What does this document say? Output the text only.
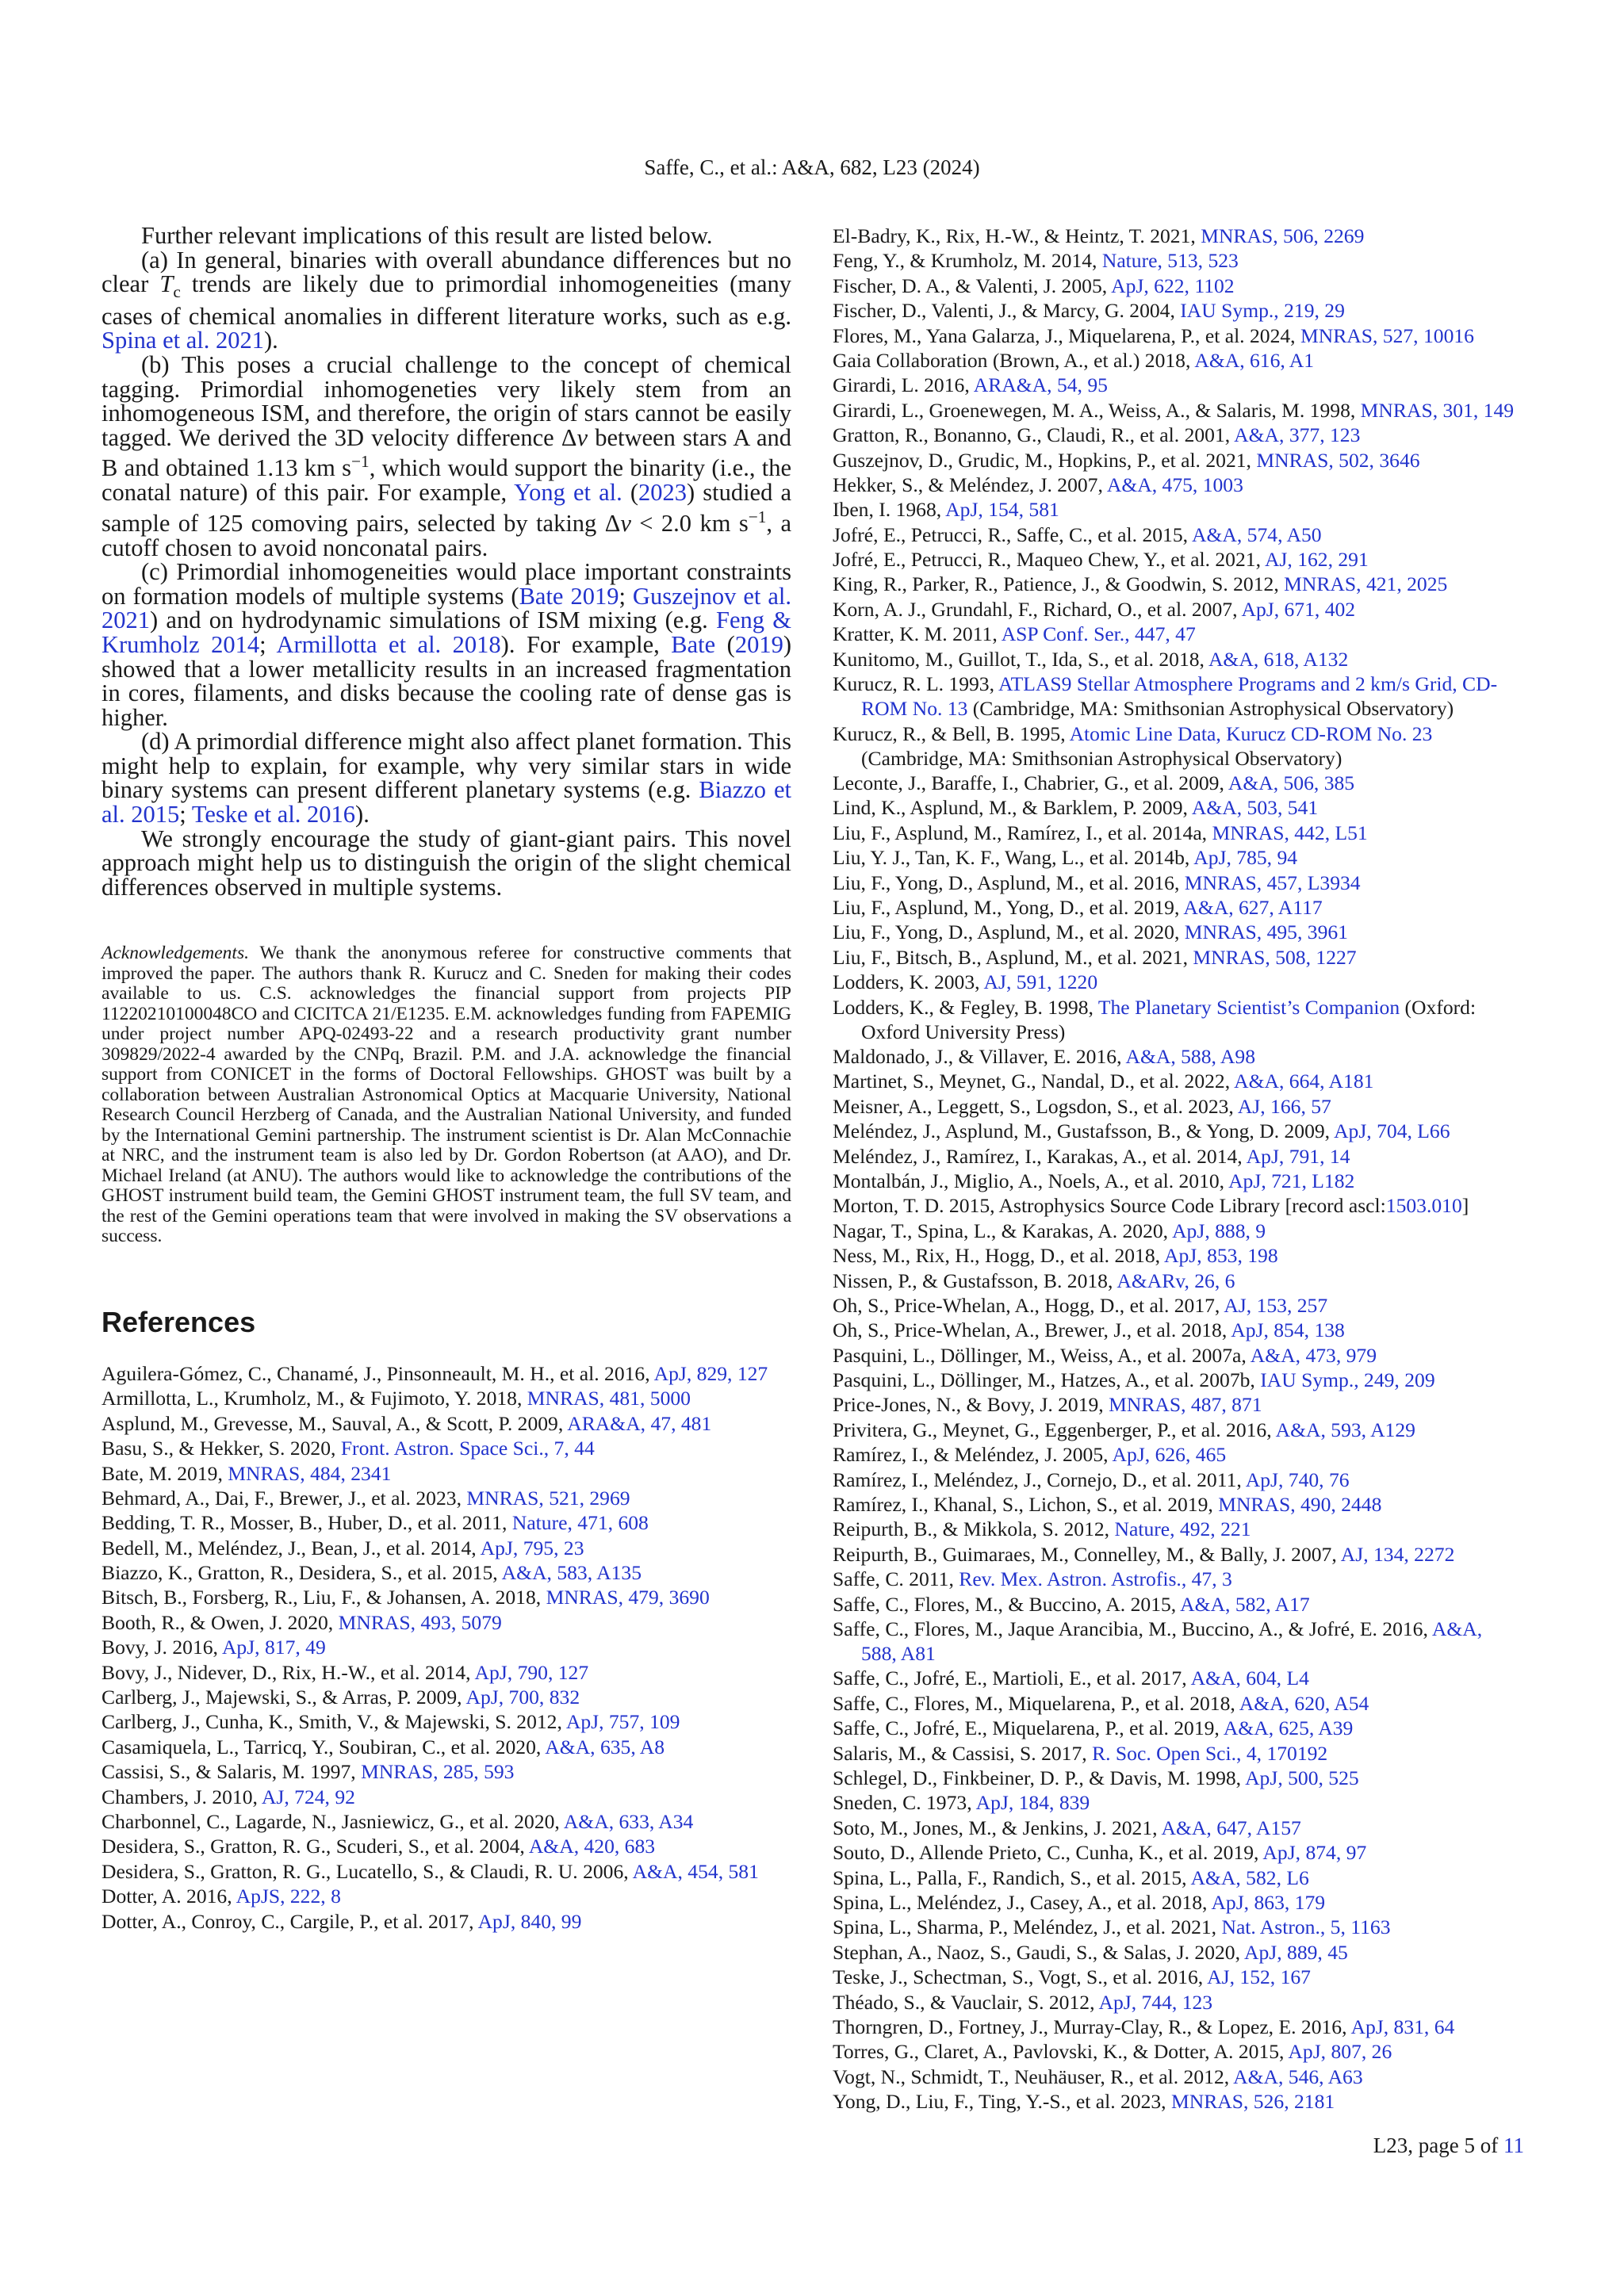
Saffe, C., et al.: A&A, 682, L23 (2024)

Further relevant implications of this result are listed below.

(a) In general, binaries with overall abundance differences but no clear $T_c$ trends are likely due to primordial inhomogeneities (many cases of chemical anomalies in different literature works, such as e.g. Spina et al. 2021).

(b) This poses a crucial challenge to the concept of chemical tagging. Primordial inhomogeneties very likely stem from an inhomogeneous ISM, and therefore, the origin of stars cannot be easily tagged. We derived the 3D velocity difference Δv between stars A and B and obtained 1.13 km $s^{-1}$, which would support the binarity (i.e., the conatal nature) of this pair. For example, Yong et al. (2023) studied a sample of 125 comoving pairs, selected by taking Δv < 2.0 km $s^{-1}$, a cutoff chosen to avoid nonconatal pairs.

(c) Primordial inhomogeneities would place important constraints on formation models of multiple systems (Bate 2019; Guszejnov et al. 2021) and on hydrodynamic simulations of ISM mixing (e.g. Feng & Krumholz 2014; Armillotta et al. 2018). For example, Bate (2019) showed that a lower metallicity results in an increased fragmentation in cores, filaments, and disks because the cooling rate of dense gas is higher.

(d) A primordial difference might also affect planet formation. This might help to explain, for example, why very similar stars in wide binary systems can present different planetary systems (e.g. Biazzo et al. 2015; Teske et al. 2016).

We strongly encourage the study of giant-giant pairs. This novel approach might help us to distinguish the origin of the slight chemical differences observed in multiple systems.

Acknowledgements. We thank the anonymous referee for constructive comments that improved the paper. The authors thank R. Kurucz and C. Sneden for making their codes available to us. C.S. acknowledges the financial support from projects PIP 11220210100048CO and CICITCA 21/E1235. E.M. acknowledges funding from FAPEMIG under project number APQ-02493-22 and a research productivity grant number 309829/2022-4 awarded by the CNPq, Brazil. P.M. and J.A. acknowledge the financial support from CONICET in the forms of Doctoral Fellowships. GHOST was built by a collaboration between Australian Astronomical Optics at Macquarie University, National Research Council Herzberg of Canada, and the Australian National University, and funded by the International Gemini partnership. The instrument scientist is Dr. Alan McConnachie at NRC, and the instrument team is also led by Dr. Gordon Robertson (at AAO), and Dr. Michael Ireland (at ANU). The authors would like to acknowledge the contributions of the GHOST instrument build team, the Gemini GHOST instrument team, the full SV team, and the rest of the Gemini operations team that were involved in making the SV observations a success.
References
Aguilera-Gómez, C., Chanamé, J., Pinsonneault, M. H., et al. 2016, ApJ, 829, 127
Armillotta, L., Krumholz, M., & Fujimoto, Y. 2018, MNRAS, 481, 5000
Asplund, M., Grevesse, M., Sauval, A., & Scott, P. 2009, ARA&A, 47, 481
Basu, S., & Hekker, S. 2020, Front. Astron. Space Sci., 7, 44
Bate, M. 2019, MNRAS, 484, 2341
Behmard, A., Dai, F., Brewer, J., et al. 2023, MNRAS, 521, 2969
Bedding, T. R., Mosser, B., Huber, D., et al. 2011, Nature, 471, 608
Bedell, M., Meléndez, J., Bean, J., et al. 2014, ApJ, 795, 23
Biazzo, K., Gratton, R., Desidera, S., et al. 2015, A&A, 583, A135
Bitsch, B., Forsberg, R., Liu, F., & Johansen, A. 2018, MNRAS, 479, 3690
Booth, R., & Owen, J. 2020, MNRAS, 493, 5079
Bovy, J. 2016, ApJ, 817, 49
Bovy, J., Nidever, D., Rix, H.-W., et al. 2014, ApJ, 790, 127
Carlberg, J., Majewski, S., & Arras, P. 2009, ApJ, 700, 832
Carlberg, J., Cunha, K., Smith, V., & Majewski, S. 2012, ApJ, 757, 109
Casamiquela, L., Tarricq, Y., Soubiran, C., et al. 2020, A&A, 635, A8
Cassisi, S., & Salaris, M. 1997, MNRAS, 285, 593
Chambers, J. 2010, AJ, 724, 92
Charbonnel, C., Lagarde, N., Jasniewicz, G., et al. 2020, A&A, 633, A34
Desidera, S., Gratton, R. G., Scuderi, S., et al. 2004, A&A, 420, 683
Desidera, S., Gratton, R. G., Lucatello, S., & Claudi, R. U. 2006, A&A, 454, 581
Dotter, A. 2016, ApJS, 222, 8
Dotter, A., Conroy, C., Cargile, P., et al. 2017, ApJ, 840, 99
El-Badry, K., Rix, H.-W., & Heintz, T. 2021, MNRAS, 506, 2269
Feng, Y., & Krumholz, M. 2014, Nature, 513, 523
Fischer, D. A., & Valenti, J. 2005, ApJ, 622, 1102
Fischer, D., Valenti, J., & Marcy, G. 2004, IAU Symp., 219, 29
Flores, M., Yana Galarza, J., Miquelarena, P., et al. 2024, MNRAS, 527, 10016
Gaia Collaboration (Brown, A., et al.) 2018, A&A, 616, A1
Girardi, L. 2016, ARA&A, 54, 95
Girardi, L., Groenewegen, M. A., Weiss, A., & Salaris, M. 1998, MNRAS, 301, 149
Gratton, R., Bonanno, G., Claudi, R., et al. 2001, A&A, 377, 123
Guszejnov, D., Grudic, M., Hopkins, P., et al. 2021, MNRAS, 502, 3646
Hekker, S., & Meléndez, J. 2007, A&A, 475, 1003
Iben, I. 1968, ApJ, 154, 581
Jofré, E., Petrucci, R., Saffe, C., et al. 2015, A&A, 574, A50
Jofré, E., Petrucci, R., Maqueo Chew, Y., et al. 2021, AJ, 162, 291
King, R., Parker, R., Patience, J., & Goodwin, S. 2012, MNRAS, 421, 2025
Korn, A. J., Grundahl, F., Richard, O., et al. 2007, ApJ, 671, 402
Kratter, K. M. 2011, ASP Conf. Ser., 447, 47
Kunitomo, M., Guillot, T., Ida, S., et al. 2018, A&A, 618, A132
Kurucz, R. L. 1993, ATLAS9 Stellar Atmosphere Programs and 2 km/s Grid, CD-ROM No. 13 (Cambridge, MA: Smithsonian Astrophysical Observatory)
Kurucz, R., & Bell, B. 1995, Atomic Line Data, Kurucz CD-ROM No. 23 (Cambridge, MA: Smithsonian Astrophysical Observatory)
Leconte, J., Baraffe, I., Chabrier, G., et al. 2009, A&A, 506, 385
Lind, K., Asplund, M., & Barklem, P. 2009, A&A, 503, 541
Liu, F., Asplund, M., Ramírez, I., et al. 2014a, MNRAS, 442, L51
Liu, Y. J., Tan, K. F., Wang, L., et al. 2014b, ApJ, 785, 94
Liu, F., Yong, D., Asplund, M., et al. 2016, MNRAS, 457, L3934
Liu, F., Asplund, M., Yong, D., et al. 2019, A&A, 627, A117
Liu, F., Yong, D., Asplund, M., et al. 2020, MNRAS, 495, 3961
Liu, F., Bitsch, B., Asplund, M., et al. 2021, MNRAS, 508, 1227
Lodders, K. 2003, AJ, 591, 1220
Lodders, K., & Fegley, B. 1998, The Planetary Scientist’s Companion (Oxford: Oxford University Press)
Maldonado, J., & Villaver, E. 2016, A&A, 588, A98
Martinet, S., Meynet, G., Nandal, D., et al. 2022, A&A, 664, A181
Meisner, A., Leggett, S., Logsdon, S., et al. 2023, AJ, 166, 57
Meléndez, J., Asplund, M., Gustafsson, B., & Yong, D. 2009, ApJ, 704, L66
Meléndez, J., Ramírez, I., Karakas, A., et al. 2014, ApJ, 791, 14
Montalbán, J., Miglio, A., Noels, A., et al. 2010, ApJ, 721, L182
Morton, T. D. 2015, Astrophysics Source Code Library [record ascl:1503.010]
Nagar, T., Spina, L., & Karakas, A. 2020, ApJ, 888, 9
Ness, M., Rix, H., Hogg, D., et al. 2018, ApJ, 853, 198
Nissen, P., & Gustafsson, B. 2018, A&ARv, 26, 6
Oh, S., Price-Whelan, A., Hogg, D., et al. 2017, AJ, 153, 257
Oh, S., Price-Whelan, A., Brewer, J., et al. 2018, ApJ, 854, 138
Pasquini, L., Döllinger, M., Weiss, A., et al. 2007a, A&A, 473, 979
Pasquini, L., Döllinger, M., Hatzes, A., et al. 2007b, IAU Symp., 249, 209
Price-Jones, N., & Bovy, J. 2019, MNRAS, 487, 871
Privitera, G., Meynet, G., Eggenberger, P., et al. 2016, A&A, 593, A129
Ramírez, I., & Meléndez, J. 2005, ApJ, 626, 465
Ramírez, I., Meléndez, J., Cornejo, D., et al. 2011, ApJ, 740, 76
Ramírez, I., Khanal, S., Lichon, S., et al. 2019, MNRAS, 490, 2448
Reipurth, B., & Mikkola, S. 2012, Nature, 492, 221
Reipurth, B., Guimaraes, M., Connelley, M., & Bally, J. 2007, AJ, 134, 2272
Saffe, C. 2011, Rev. Mex. Astron. Astrofis., 47, 3
Saffe, C., Flores, M., & Buccino, A. 2015, A&A, 582, A17
Saffe, C., Flores, M., Jaque Arancibia, M., Buccino, A., & Jofré, E. 2016, A&A, 588, A81
Saffe, C., Jofré, E., Martioli, E., et al. 2017, A&A, 604, L4
Saffe, C., Flores, M., Miquelarena, P., et al. 2018, A&A, 620, A54
Saffe, C., Jofré, E., Miquelarena, P., et al. 2019, A&A, 625, A39
Salaris, M., & Cassisi, S. 2017, R. Soc. Open Sci., 4, 170192
Schlegel, D., Finkbeiner, D. P., & Davis, M. 1998, ApJ, 500, 525
Sneden, C. 1973, ApJ, 184, 839
Soto, M., Jones, M., & Jenkins, J. 2021, A&A, 647, A157
Souto, D., Allende Prieto, C., Cunha, K., et al. 2019, ApJ, 874, 97
Spina, L., Palla, F., Randich, S., et al. 2015, A&A, 582, L6
Spina, L., Meléndez, J., Casey, A., et al. 2018, ApJ, 863, 179
Spina, L., Sharma, P., Meléndez, J., et al. 2021, Nat. Astron., 5, 1163
Stephan, A., Naoz, S., Gaudi, S., & Salas, J. 2020, ApJ, 889, 45
Teske, J., Schectman, S., Vogt, S., et al. 2016, AJ, 152, 167
Théado, S., & Vauclair, S. 2012, ApJ, 744, 123
Thorngren, D., Fortney, J., Murray-Clay, R., & Lopez, E. 2016, ApJ, 831, 64
Torres, G., Claret, A., Pavlovski, K., & Dotter, A. 2015, ApJ, 807, 26
Vogt, N., Schmidt, T., Neuhäuser, R., et al. 2012, A&A, 546, A63
Yong, D., Liu, F., Ting, Y.-S., et al. 2023, MNRAS, 526, 2181
L23, page 5 of 11
